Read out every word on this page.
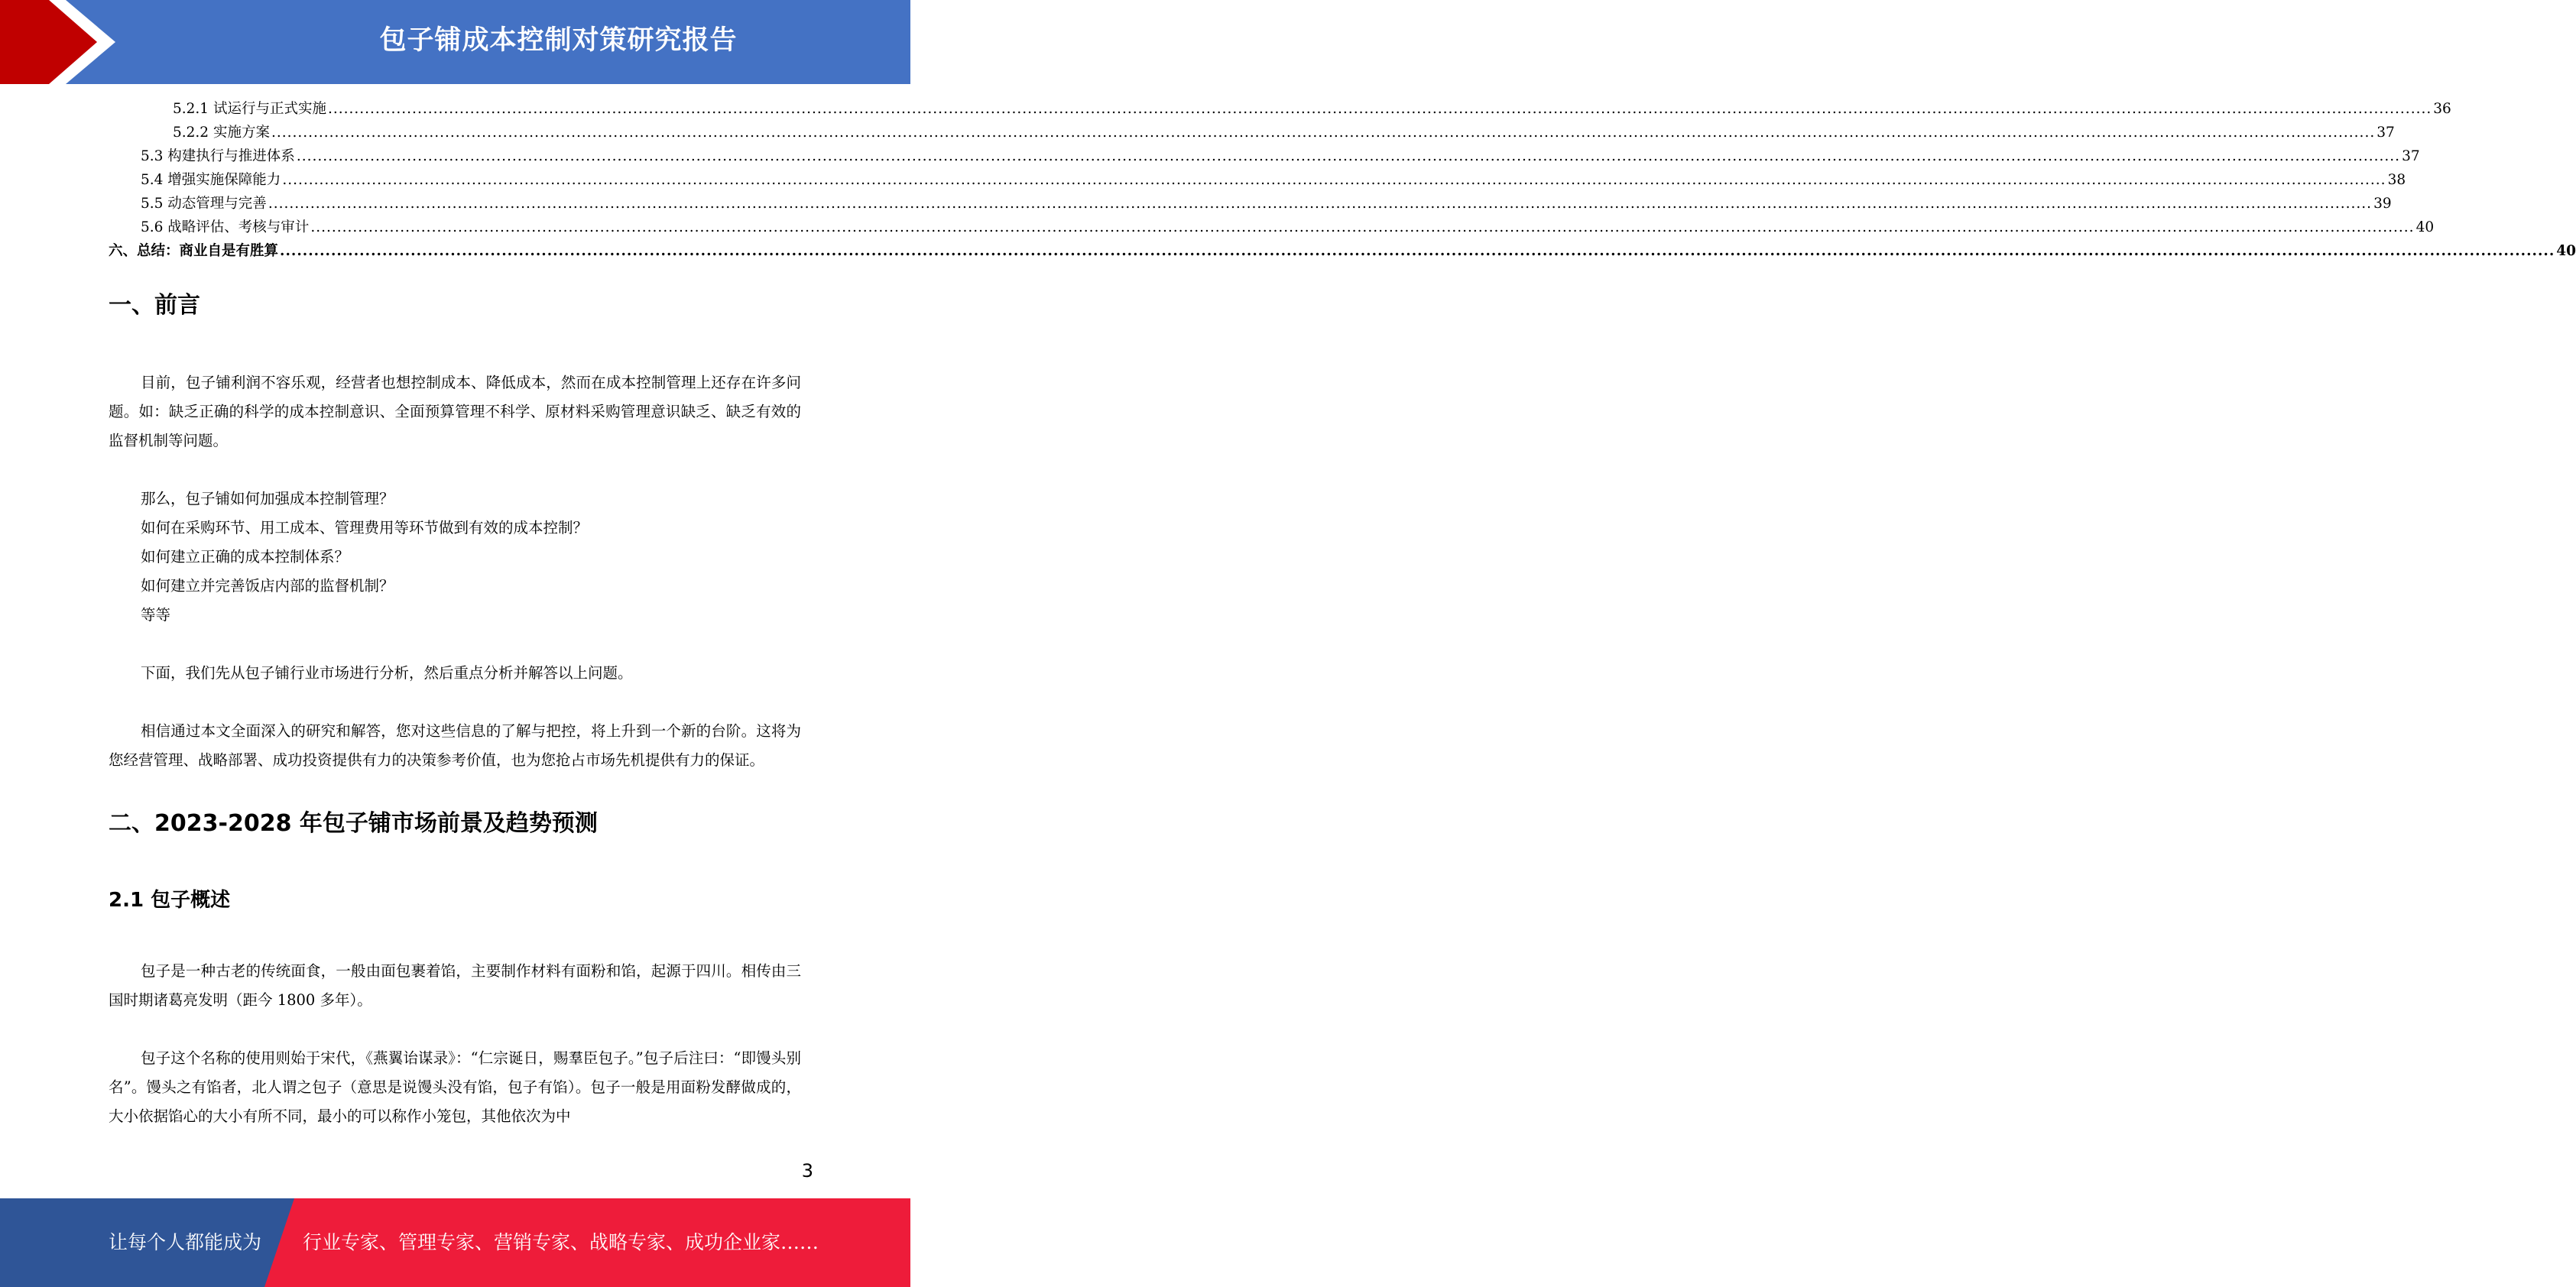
包子铺成本控制对策研究报告
5.2.1 试运行与正式实施 ................................................................................................................................................................................................................................................................................................................................................................................................................ 36
5.2.2 实施方案 ................................................................................................................................................................................................................................................................................................................................................................................................................ 37
5.3 构建执行与推进体系 ................................................................................................................................................................................................................................................................................................................................................................................................................ 37
5.4 增强实施保障能力 ................................................................................................................................................................................................................................................................................................................................................................................................................ 38
5.5 动态管理与完善 ................................................................................................................................................................................................................................................................................................................................................................................................................ 39
5.6 战略评估、考核与审计 ................................................................................................................................................................................................................................................................................................................................................................................................................ 40
六、总结：商业自是有胜算 ................................................................................................................................................................................................................................................................................................................................................................................................................ 40
一、前言

目前，包子铺利润不容乐观，经营者也想控制成本、降低成本，然而在成本控制管理上还存在许多问题。如：缺乏正确的科学的成本控制意识、全面预算管理不科学、原材料采购管理意识缺乏、缺乏有效的监督机制等问题。

那么，包子铺如何加强成本控制管理？
如何在采购环节、用工成本、管理费用等环节做到有效的成本控制？
如何建立正确的成本控制体系？
如何建立并完善饭店内部的监督机制？
等等

下面，我们先从包子铺行业市场进行分析，然后重点分析并解答以上问题。

相信通过本文全面深入的研究和解答，您对这些信息的了解与把控，将上升到一个新的台阶。这将为您经营管理、战略部署、成功投资提供有力的决策参考价值，也为您抢占市场先机提供有力的保证。

二、2023-2028 年包子铺市场前景及趋势预测
2.1 包子概述

包子是一种古老的传统面食，一般由面包裹着馅，主要制作材料有面粉和馅，起源于四川。相传由三国时期诸葛亮发明（距今 1800 多年）。

包子这个名称的使用则始于宋代，《燕翼诒谋录》：“仁宗诞日，赐羣臣包子。”包子后注曰：“即馒头别名”。馒头之有馅者，北人谓之包子（意思是说馒头没有馅，包子有馅）。包子一般是用面粉发酵做成的，大小依据馅心的大小有所不同，最小的可以称作小笼包，其他依次为中

3
让每个人都能成为 行业专家、管理专家、营销专家、战略专家、成功企业家……
